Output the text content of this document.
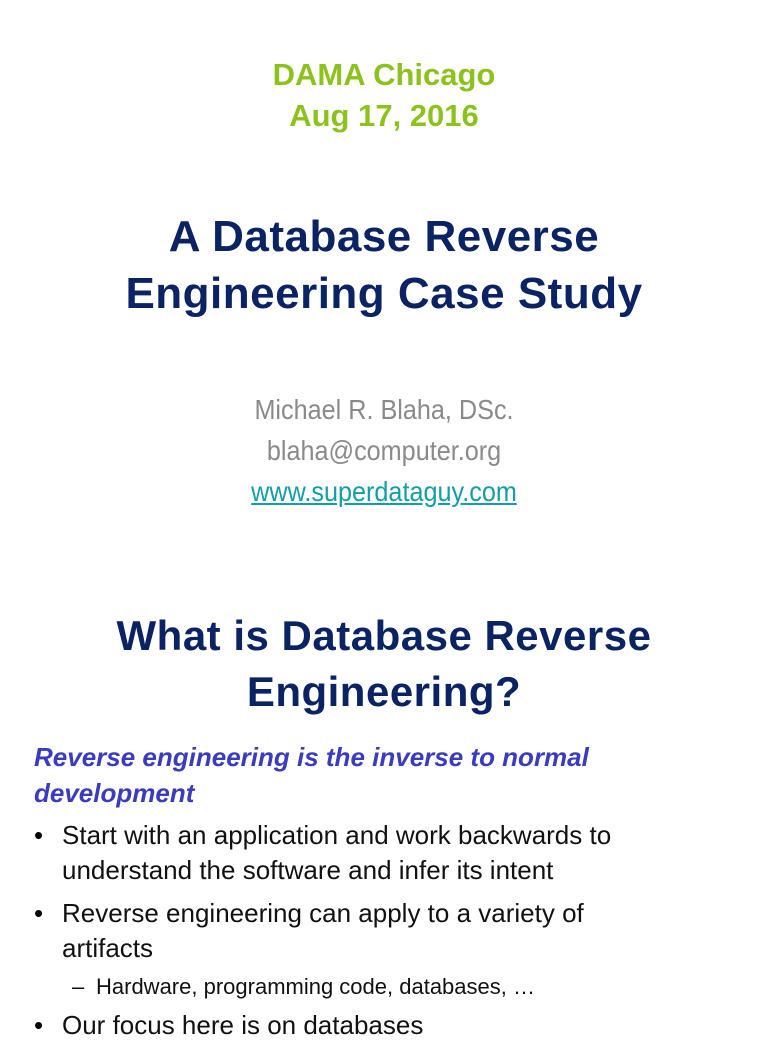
DAMA Chicago
Aug 17, 2016
A Database Reverse
Engineering Case Study
Michael R. Blaha, DSc.
blaha@computer.org
www.superdataguy.com
What is Database Reverse
Engineering?
Reverse engineering is the inverse to normal
development
• Start with an application and work backwards to
understand the software and infer its intent
• Reverse engineering can apply to a variety of
artifacts
– Hardware, programming code, databases, …
• Our focus here is on databases
